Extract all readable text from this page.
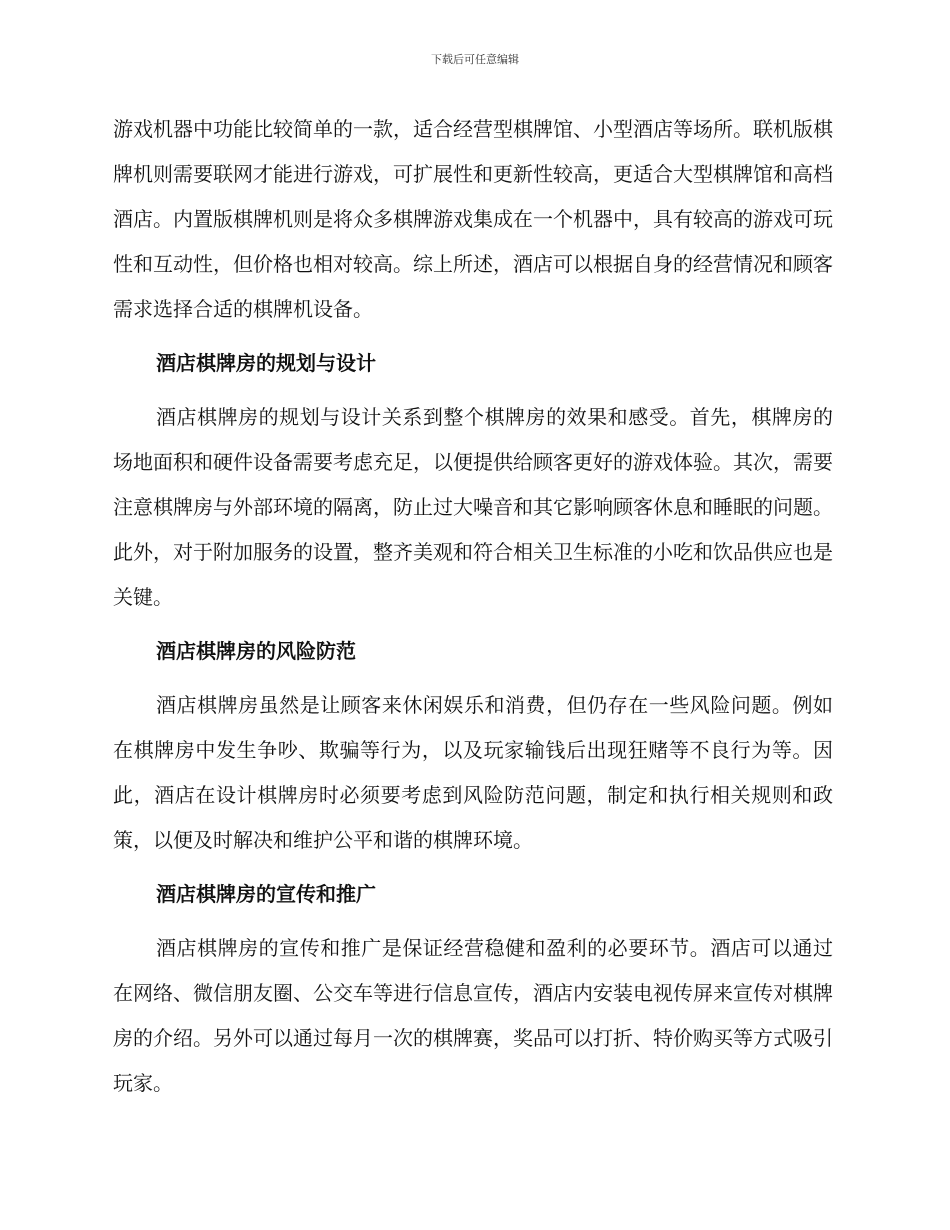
下载后可任意编辑

游戏机器中功能比较简单的一款，适合经营型棋牌馆、小型酒店等场所。联机版棋牌机则需要联网才能进行游戏，可扩展性和更新性较高，更适合大型棋牌馆和高档酒店。内置版棋牌机则是将众多棋牌游戏集成在一个机器中，具有较高的游戏可玩性和互动性，但价格也相对较高。综上所述，酒店可以根据自身的经营情况和顾客需求选择合适的棋牌机设备。

酒店棋牌房的规划与设计

酒店棋牌房的规划与设计关系到整个棋牌房的效果和感受。首先，棋牌房的场地面积和硬件设备需要考虑充足，以便提供给顾客更好的游戏体验。其次，需要注意棋牌房与外部环境的隔离，防止过大噪音和其它影响顾客休息和睡眠的问题。此外，对于附加服务的设置，整齐美观和符合相关卫生标准的小吃和饮品供应也是关键。

酒店棋牌房的风险防范

酒店棋牌房虽然是让顾客来休闲娱乐和消费，但仍存在一些风险问题。例如在棋牌房中发生争吵、欺骗等行为，以及玩家输钱后出现狂赌等不良行为等。因此，酒店在设计棋牌房时必须要考虑到风险防范问题，制定和执行相关规则和政策，以便及时解决和维护公平和谐的棋牌环境。

酒店棋牌房的宣传和推广

酒店棋牌房的宣传和推广是保证经营稳健和盈利的必要环节。酒店可以通过在网络、微信朋友圈、公交车等进行信息宣传，酒店内安装电视传屏来宣传对棋牌房的介绍。另外可以通过每月一次的棋牌赛，奖品可以打折、特价购买等方式吸引玩家。
